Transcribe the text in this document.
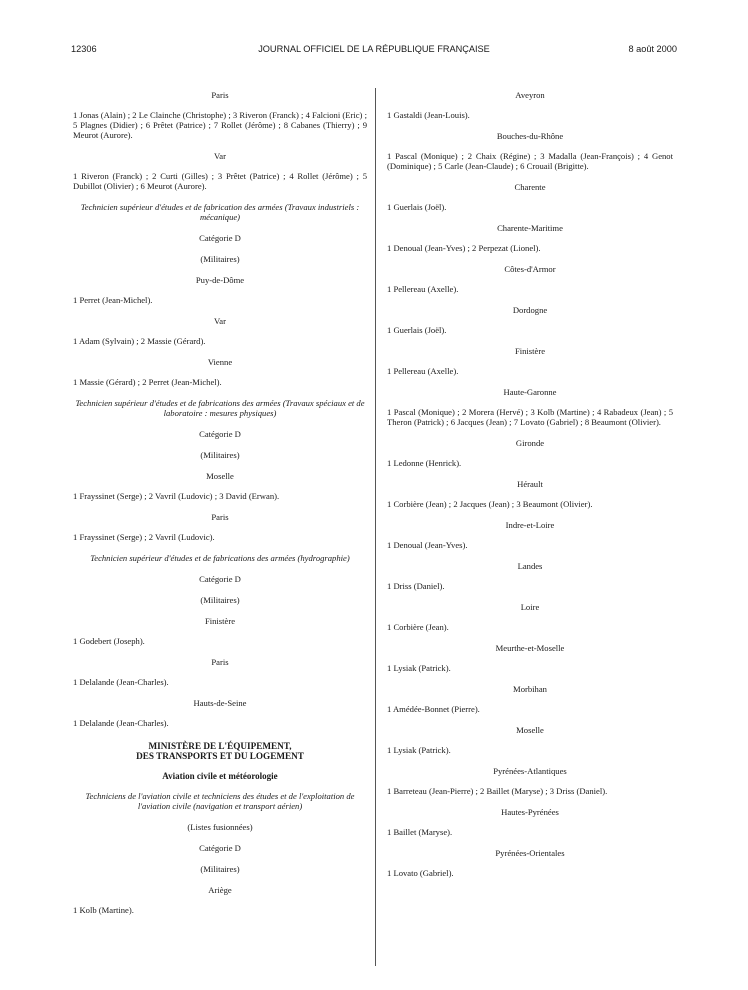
12306	JOURNAL OFFICIEL DE LA RÉPUBLIQUE FRANÇAISE	8 août 2000
Paris
1 Jonas (Alain) ; 2 Le Clainche (Christophe) ; 3 Riveron (Franck) ; 4 Falcioni (Eric) ; 5 Plagnes (Didier) ; 6 Prêtet (Patrice) ; 7 Rollet (Jérôme) ; 8 Cabanes (Thierry) ; 9 Meurot (Aurore).
Var
1 Riveron (Franck) ; 2 Curti (Gilles) ; 3 Prêtet (Patrice) ; 4 Rollet (Jérôme) ; 5 Dubillot (Olivier) ; 6 Meurot (Aurore).
Technicien supérieur d'études et de fabrication des armées (Travaux industriels : mécanique)
Catégorie D
(Militaires)
Puy-de-Dôme
1 Perret (Jean-Michel).
Var
1 Adam (Sylvain) ; 2 Massie (Gérard).
Vienne
1 Massie (Gérard) ; 2 Perret (Jean-Michel).
Technicien supérieur d'études et de fabrications des armées (Travaux spéciaux et de laboratoire : mesures physiques)
Catégorie D
(Militaires)
Moselle
1 Frayssinet (Serge) ; 2 Vavril (Ludovic) ; 3 David (Erwan).
Paris
1 Frayssinet (Serge) ; 2 Vavril (Ludovic).
Technicien supérieur d'études et de fabrications des armées (hydrographie)
Catégorie D
(Militaires)
Finistère
1 Godebert (Joseph).
Paris
1 Delalande (Jean-Charles).
Hauts-de-Seine
1 Delalande (Jean-Charles).
MINISTÈRE DE L'ÉQUIPEMENT,
DES TRANSPORTS ET DU LOGEMENT
Aviation civile et météorologie
Techniciens de l'aviation civile et techniciens des études et de l'exploitation de l'aviation civile (navigation et transport aérien)
(Listes fusionnées)
Catégorie D
(Militaires)
Ariège
1 Kolb (Martine).
Aveyron
1 Gastaldi (Jean-Louis).
Bouches-du-Rhône
1 Pascal (Monique) ; 2 Chaix (Régine) ; 3 Madalla (Jean-François) ; 4 Genot (Dominique) ; 5 Carle (Jean-Claude) ; 6 Crouail (Brigitte).
Charente
1 Guerlais (Joël).
Charente-Maritime
1 Denoual (Jean-Yves) ; 2 Perpezat (Lionel).
Côtes-d'Armor
1 Pellereau (Axelle).
Dordogne
1 Guerlais (Joël).
Finistère
1 Pellereau (Axelle).
Haute-Garonne
1 Pascal (Monique) ; 2 Morera (Hervé) ; 3 Kolb (Martine) ; 4 Rabadeux (Jean) ; 5 Theron (Patrick) ; 6 Jacques (Jean) ; 7 Lovato (Gabriel) ; 8 Beaumont (Olivier).
Gironde
1 Ledonne (Henrick).
Hérault
1 Corbière (Jean) ; 2 Jacques (Jean) ; 3 Beaumont (Olivier).
Indre-et-Loire
1 Denoual (Jean-Yves).
Landes
1 Driss (Daniel).
Loire
1 Corbière (Jean).
Meurthe-et-Moselle
1 Lysiak (Patrick).
Morbihan
1 Amédée-Bonnet (Pierre).
Moselle
1 Lysiak (Patrick).
Pyrénées-Atlantiques
1 Barreteau (Jean-Pierre) ; 2 Baillet (Maryse) ; 3 Driss (Daniel).
Hautes-Pyrénées
1 Baillet (Maryse).
Pyrénées-Orientales
1 Lovato (Gabriel).
